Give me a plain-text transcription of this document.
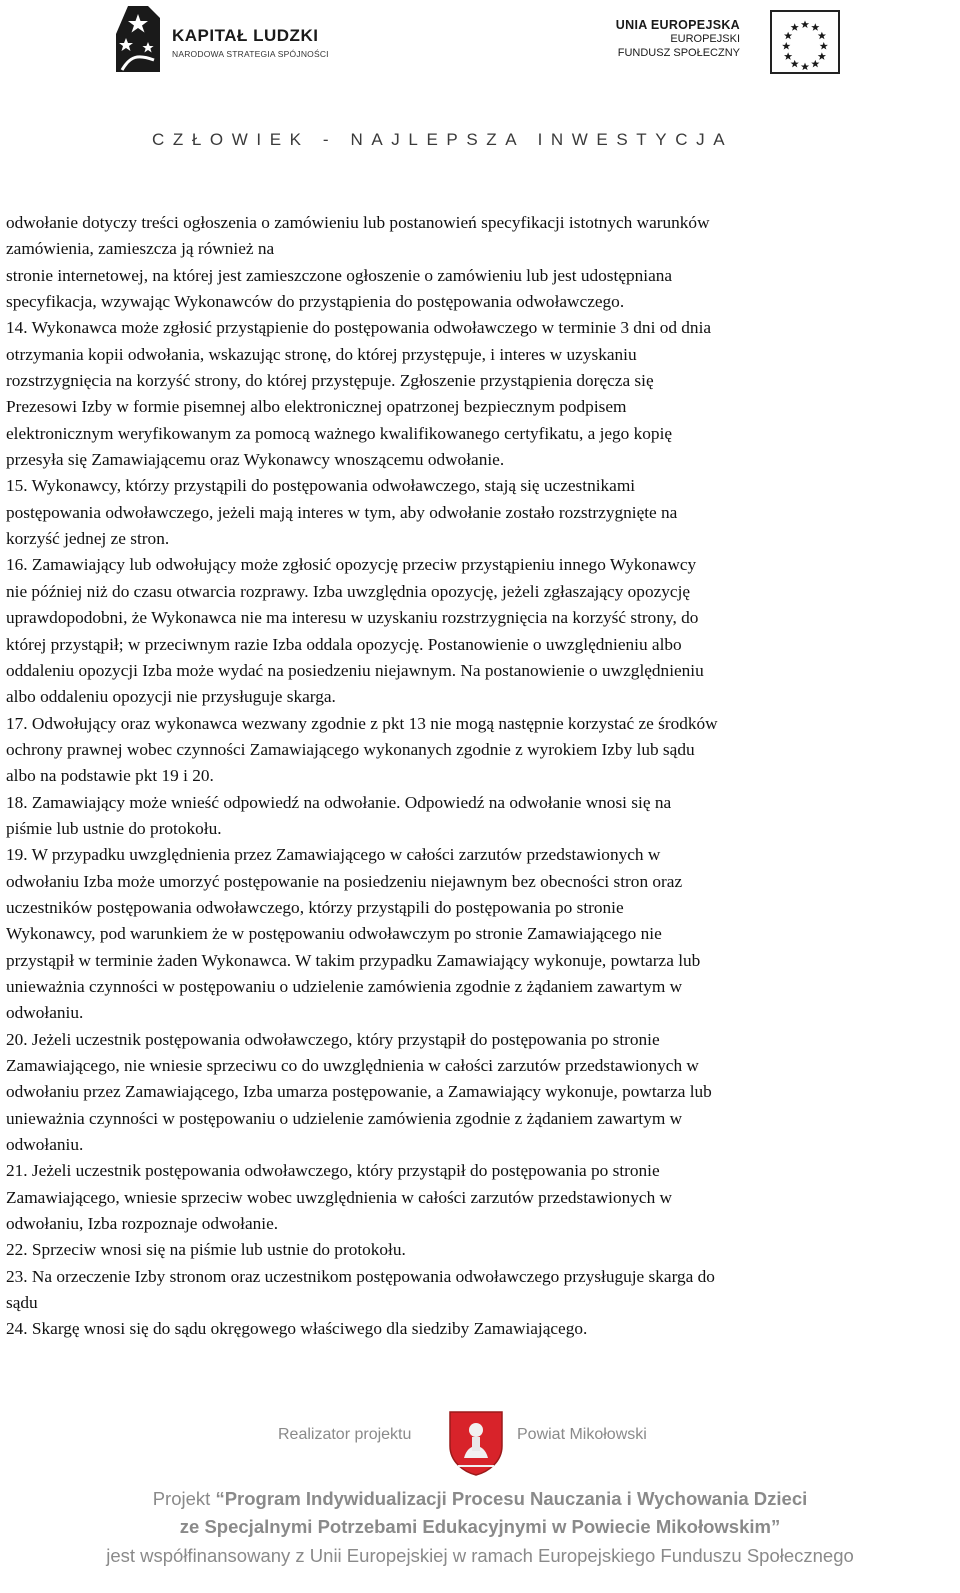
KAPITAŁ LUDZKI
NARODOWA STRATEGIA SPÓJNOŚCI
UNIA EUROPEJSKA
EUROPEJSKI
FUNDUSZ SPOŁECZNY
CZŁOWIEK - NAJLEPSZA INWESTYCJA

odwołanie dotyczy treści ogłoszenia o zamówieniu lub postanowień specyfikacji istotnych warunków
zamówienia, zamieszcza ją również na
stronie internetowej, na której jest zamieszczone ogłoszenie o zamówieniu lub jest udostępniana
specyfikacja, wzywając Wykonawców do przystąpienia do postępowania odwoławczego.

14. Wykonawca może zgłosić przystąpienie do postępowania odwoławczego w terminie 3 dni od dnia
otrzymania kopii odwołania, wskazując stronę, do której przystępuje, i interes w uzyskaniu
rozstrzygnięcia na korzyść strony, do której przystępuje. Zgłoszenie przystąpienia doręcza się
Prezesowi Izby w formie pisemnej albo elektronicznej opatrzonej bezpiecznym podpisem
elektronicznym weryfikowanym za pomocą ważnego kwalifikowanego certyfikatu, a jego kopię
przesyła się Zamawiającemu oraz Wykonawcy wnoszącemu odwołanie.

15. Wykonawcy, którzy przystąpili do postępowania odwoławczego, stają się uczestnikami
postępowania odwoławczego, jeżeli mają interes w tym, aby odwołanie zostało rozstrzygnięte na
korzyść jednej ze stron.

16. Zamawiający lub odwołujący może zgłosić opozycję przeciw przystąpieniu innego Wykonawcy
nie później niż do czasu otwarcia rozprawy. Izba uwzględnia opozycję, jeżeli zgłaszający opozycję
uprawdopodobni, że Wykonawca nie ma interesu w uzyskaniu rozstrzygnięcia na korzyść strony, do
której przystąpił; w przeciwnym razie Izba oddala opozycję. Postanowienie o uwzględnieniu albo
oddaleniu opozycji Izba może wydać na posiedzeniu niejawnym. Na postanowienie o uwzględnieniu
albo oddaleniu opozycji nie przysługuje skarga.

17. Odwołujący oraz wykonawca wezwany zgodnie z pkt 13 nie mogą następnie korzystać ze środków
ochrony prawnej wobec czynności Zamawiającego wykonanych zgodnie z wyrokiem Izby lub sądu
albo na podstawie pkt 19 i 20.

18. Zamawiający może wnieść odpowiedź na odwołanie. Odpowiedź na odwołanie wnosi się na
piśmie lub ustnie do protokołu.

19. W przypadku uwzględnienia przez Zamawiającego w całości zarzutów przedstawionych w
odwołaniu Izba może umorzyć postępowanie na posiedzeniu niejawnym bez obecności stron oraz
uczestników postępowania odwoławczego, którzy przystąpili do postępowania po stronie
Wykonawcy, pod warunkiem że w postępowaniu odwoławczym po stronie Zamawiającego nie
przystąpił w terminie żaden Wykonawca. W takim przypadku Zamawiający wykonuje, powtarza lub
unieważnia czynności w postępowaniu o udzielenie zamówienia zgodnie z żądaniem zawartym w
odwołaniu.

20. Jeżeli uczestnik postępowania odwoławczego, który przystąpił do postępowania po stronie
Zamawiającego, nie wniesie sprzeciwu co do uwzględnienia w całości zarzutów przedstawionych w
odwołaniu przez Zamawiającego, Izba umarza postępowanie, a Zamawiający wykonuje, powtarza lub
unieważnia czynności w postępowaniu o udzielenie zamówienia zgodnie z żądaniem zawartym w
odwołaniu.

21. Jeżeli uczestnik postępowania odwoławczego, który przystąpił do postępowania po stronie
Zamawiającego, wniesie sprzeciw wobec uwzględnienia w całości zarzutów przedstawionych w
odwołaniu, Izba rozpoznaje odwołanie.

22. Sprzeciw wnosi się na piśmie lub ustnie do protokołu.

23. Na orzeczenie Izby stronom oraz uczestnikom postępowania odwoławczego przysługuje skarga do
sądu

24. Skargę wnosi się do sądu okręgowego właściwego dla siedziby Zamawiającego.

Realizator projektu	Powiat Mikołowski
Projekt “Program Indywidualizacji Procesu Nauczania i Wychowania Dzieci
ze Specjalnymi Potrzebami Edukacyjnymi w Powiecie Mikołowskim”
jest współfinansowany z Unii Europejskiej w ramach Europejskiego Funduszu Społecznego
